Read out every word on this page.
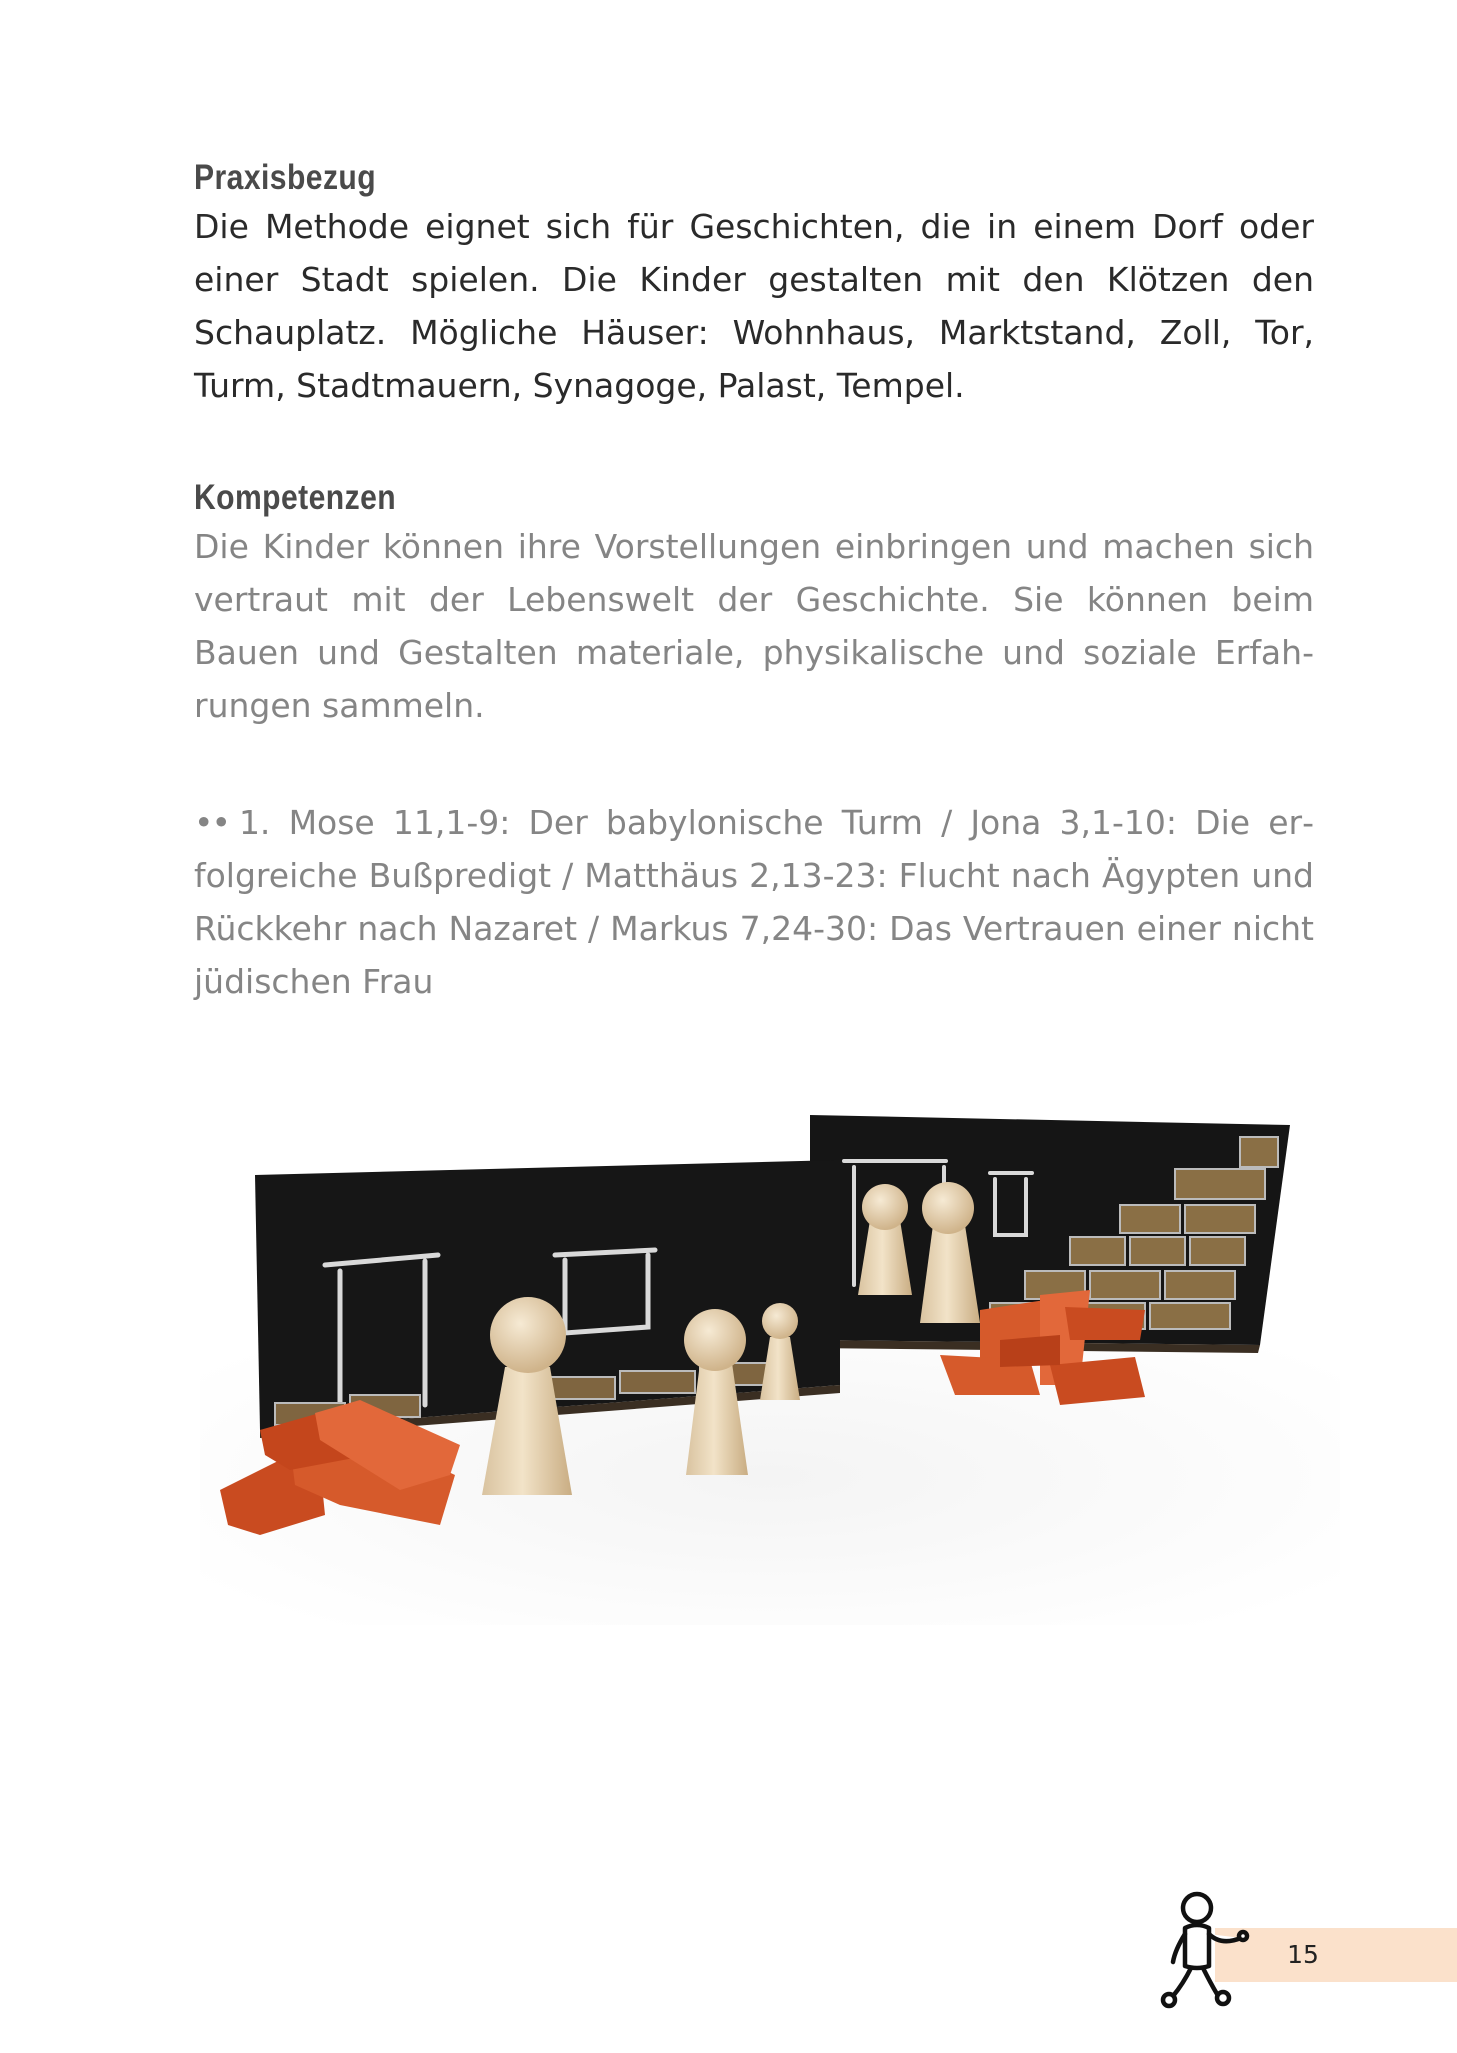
Praxisbezug

Die Methode eignet sich für Geschichten, die in einem Dorf oder einer Stadt spielen. Die Kinder gestalten mit den Klötzen den Schauplatz. Mögliche Häuser: Wohnhaus, Marktstand, Zoll, Tor, Turm, Stadtmauern, Synagoge, Palast, Tempel.

Kompetenzen

Die Kinder können ihre Vorstellungen einbringen und machen sich vertraut mit der Lebenswelt der Geschichte. Sie können beim Bauen und Gestalten materiale, physikalische und soziale Erfahrungen sammeln.

•• 1. Mose 11,1-9: Der babylonische Turm / Jona 3,1-10: Die erfolgreiche Bußpredigt / Matthäus 2,13-23: Flucht nach Ägypten und Rückkehr nach Nazaret / Markus 7,24-30: Das Vertrauen einer nicht jüdischen Frau

15
